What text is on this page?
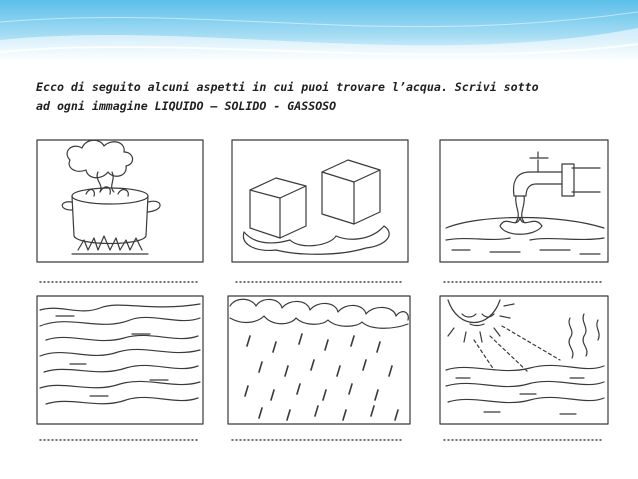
Ecco di seguito alcuni aspetti in cui puoi trovare l’acqua. Scrivi sotto
ad ogni immagine LIQUIDO – SOLIDO - GASSOSO
